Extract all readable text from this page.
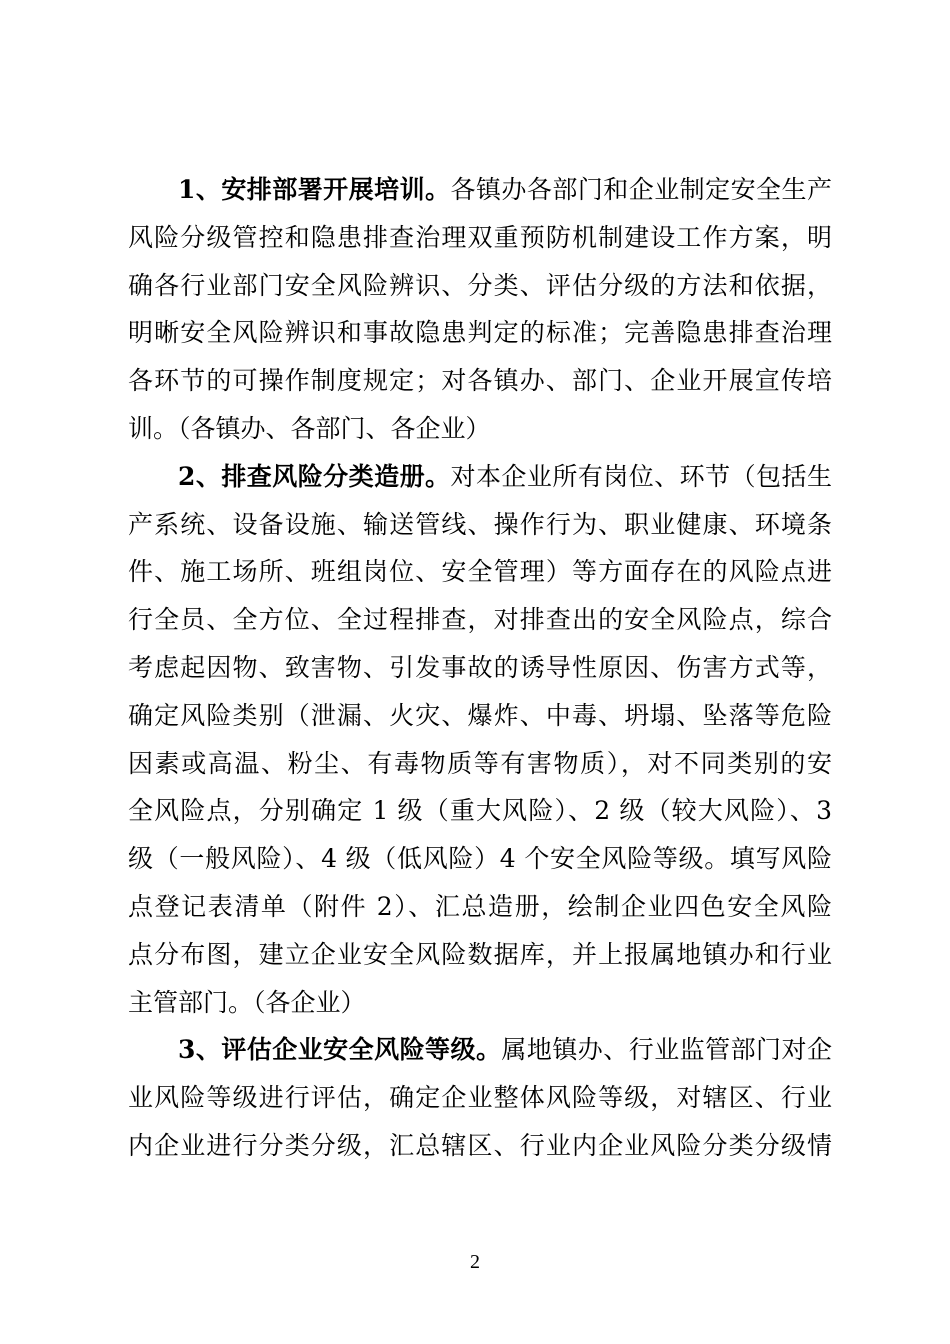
1、安排部署开展培训。各镇办各部门和企业制定安全生产
风险分级管控和隐患排查治理双重预防机制建设工作方案，明
确各行业部门安全风险辨识、分类、评估分级的方法和依据，
明晰安全风险辨识和事故隐患判定的标准；完善隐患排查治理
各环节的可操作制度规定；对各镇办、部门、企业开展宣传培
训。（各镇办、各部门、各企业）
2、排查风险分类造册。对本企业所有岗位、环节（包括生
产系统、设备设施、输送管线、操作行为、职业健康、环境条
件、施工场所、班组岗位、安全管理）等方面存在的风险点进
行全员、全方位、全过程排查，对排查出的安全风险点，综合
考虑起因物、致害物、引发事故的诱导性原因、伤害方式等，
确定风险类别（泄漏、火灾、爆炸、中毒、坍塌、坠落等危险
因素或高温、粉尘、有毒物质等有害物质），对不同类别的安
全风险点，分别确定 1 级（重大风险）、2 级（较大风险）、3
级（一般风险）、4 级（低风险）4 个安全风险等级。填写风险
点登记表清单（附件 2）、汇总造册，绘制企业四色安全风险
点分布图，建立企业安全风险数据库，并上报属地镇办和行业
主管部门。（各企业）
3、评估企业安全风险等级。属地镇办、行业监管部门对企
业风险等级进行评估，确定企业整体风险等级，对辖区、行业
内企业进行分类分级，汇总辖区、行业内企业风险分类分级情
2
